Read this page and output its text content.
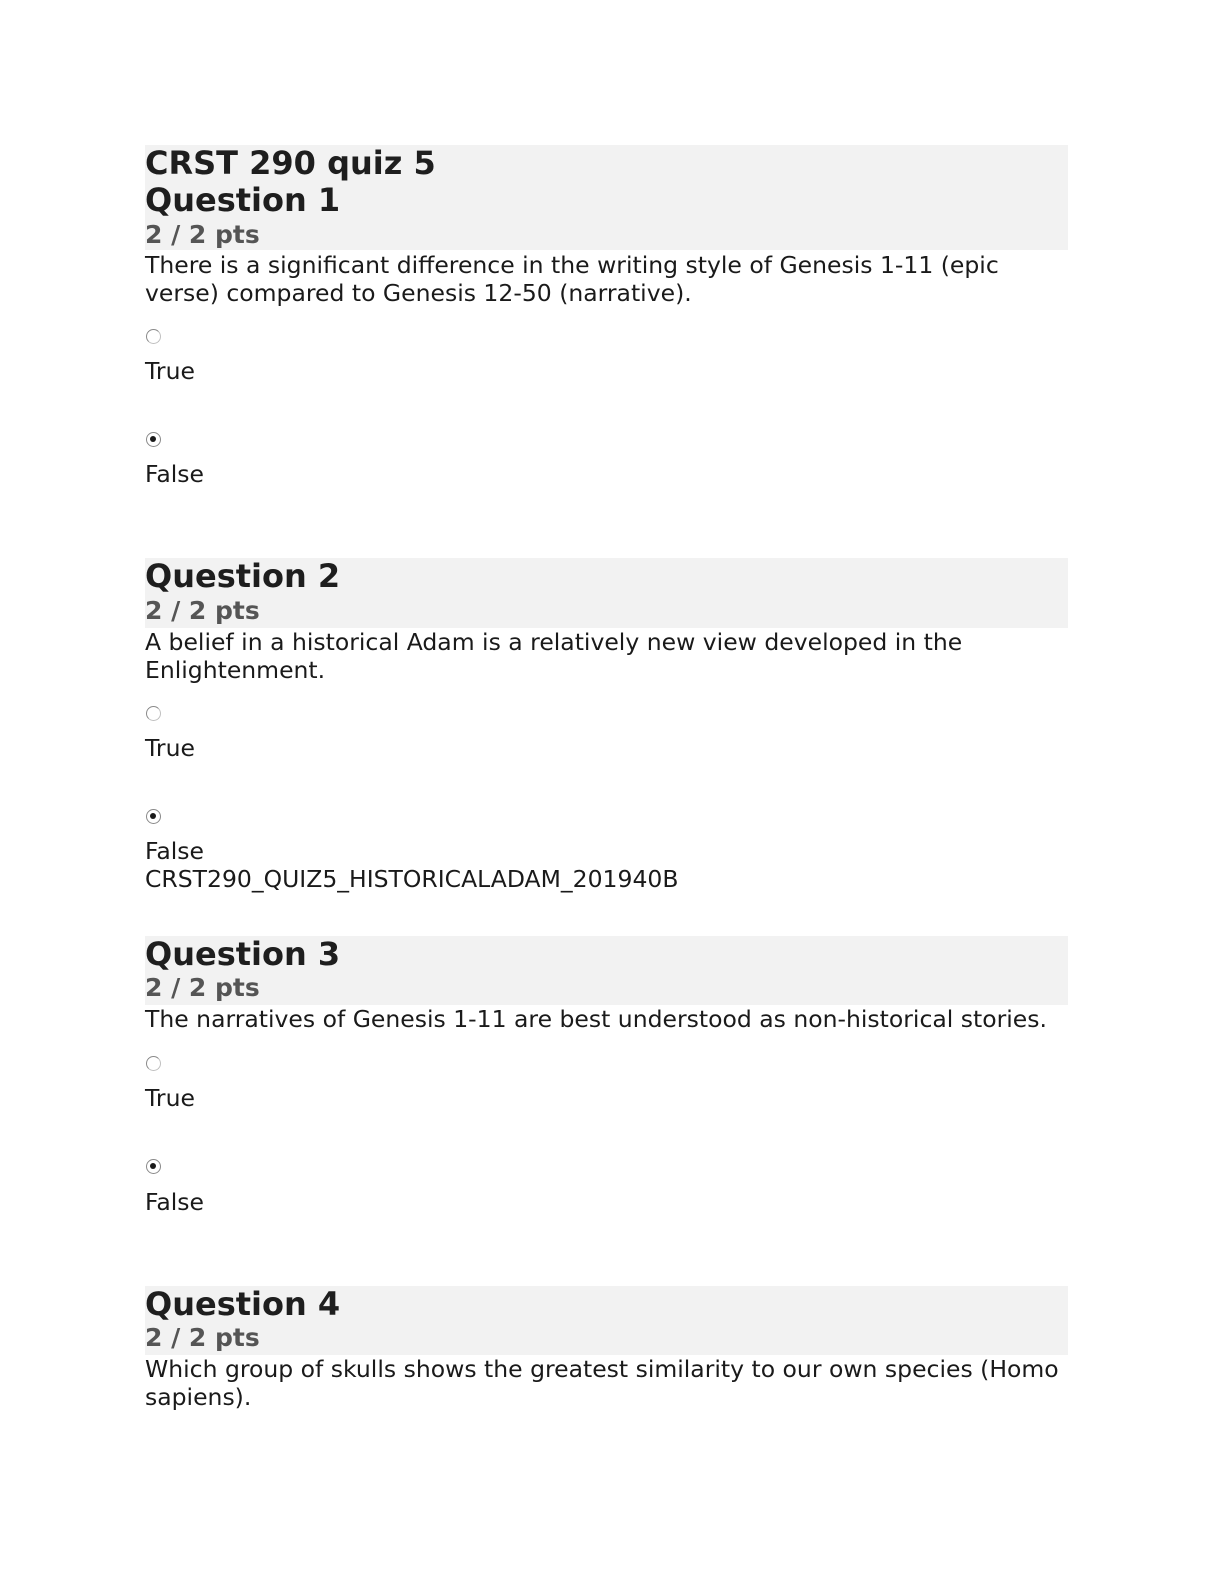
CRST 290 quiz 5
Question 1
2 / 2 pts
There is a significant difference in the writing style of Genesis 1-11 (epic verse) compared to Genesis 12-50 (narrative).
True
False
Question 2
2 / 2 pts
A belief in a historical Adam is a relatively new view developed in the Enlightenment.
True
False
CRST290_QUIZ5_HISTORICALADAM_201940B
Question 3
2 / 2 pts
The narratives of Genesis 1-11 are best understood as non-historical stories.
True
False
Question 4
2 / 2 pts
Which group of skulls shows the greatest similarity to our own species (Homo sapiens).
